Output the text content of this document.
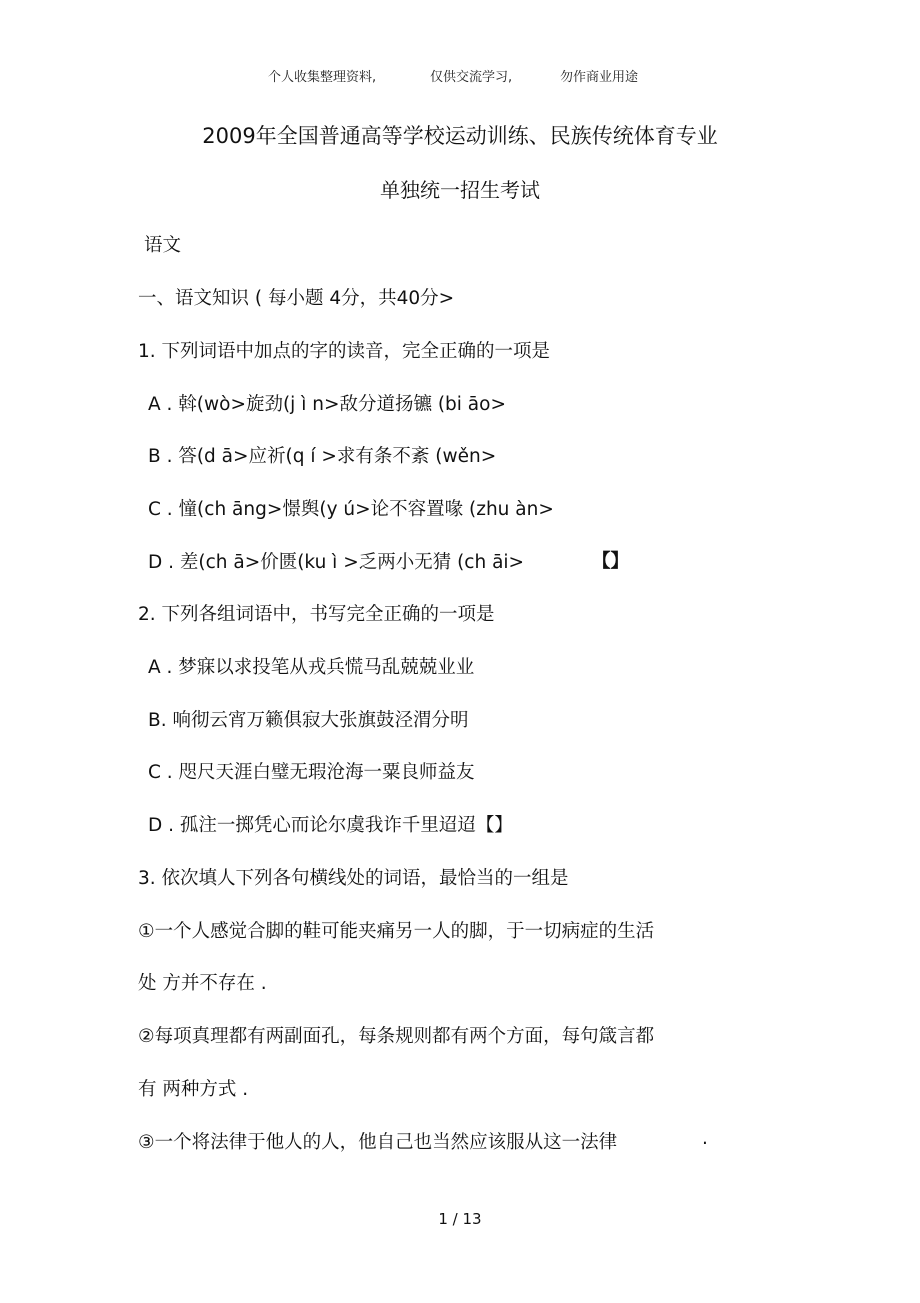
个人收集整理资料,	仅供交流学习,	勿作商业用途
2009年全国普通高等学校运动训练、民族传统体育专业
单独统一招生考试
语文
一、语文知识 ( 每小题 4分，共40分>
1. 下列词语中加点的字的读音，完全正确的一项是
A . 斡(wò>旋劲(j ì n>敌分道扬镳 (bi āo>
B . 答(d ā>应祈(q í >求有条不紊 (wěn>
C . 憧(ch āng>憬舆(y ú>论不容置喙 (zhu àn>
D . 差(ch ā>价匮(ku ì >乏两小无猜 (ch āi>	【】
2. 下列各组词语中，书写完全正确的一项是
A . 梦寐以求投笔从戎兵慌马乱兢兢业业
B. 响彻云宵万籁俱寂大张旗鼓泾渭分明
C . 咫尺天涯白璧无瑕沧海一粟良师益友
D . 孤注一掷凭心而论尔虞我诈千里迢迢【】
3. 依次填人下列各句横线处的词语，最恰当的一组是
①一个人感觉合脚的鞋可能夹痛另一人的脚，于一切病症的生活
处 方并不存在 .
②每项真理都有两副面孔，每条规则都有两个方面，每句箴言都
有 两种方式 .
③一个将法律于他人的人，他自己也当然应该服从这一法律	.
1 / 13
